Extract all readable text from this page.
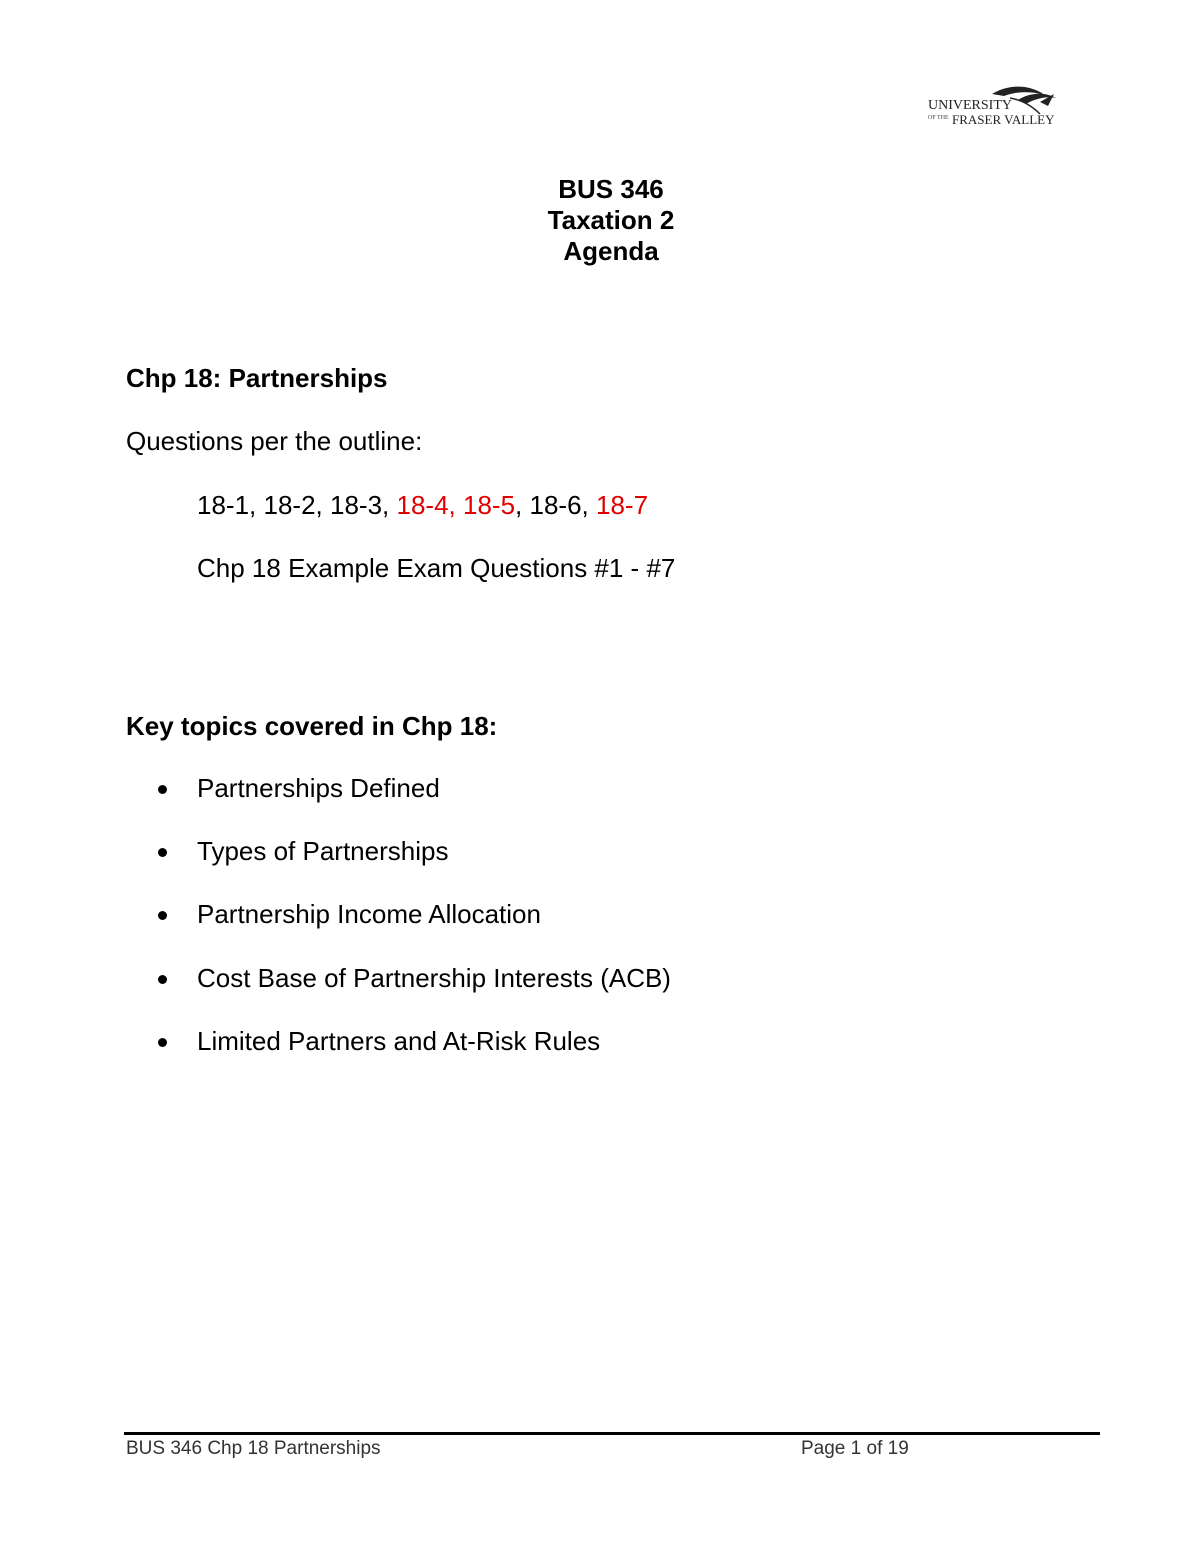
UNIVERSITY
OF THE FRASER VALLEY
BUS 346
Taxation 2
Agenda
Chp 18: Partnerships
Questions per the outline:
18-1, 18-2, 18-3, 18-4, 18-5, 18-6, 18-7
Chp 18 Example Exam Questions #1 - #7
Key topics covered in Chp 18:
Partnerships Defined
Types of Partnerships
Partnership Income Allocation
Cost Base of Partnership Interests (ACB)
Limited Partners and At-Risk Rules
BUS 346 Chp 18 Partnerships	Page 1 of 19
